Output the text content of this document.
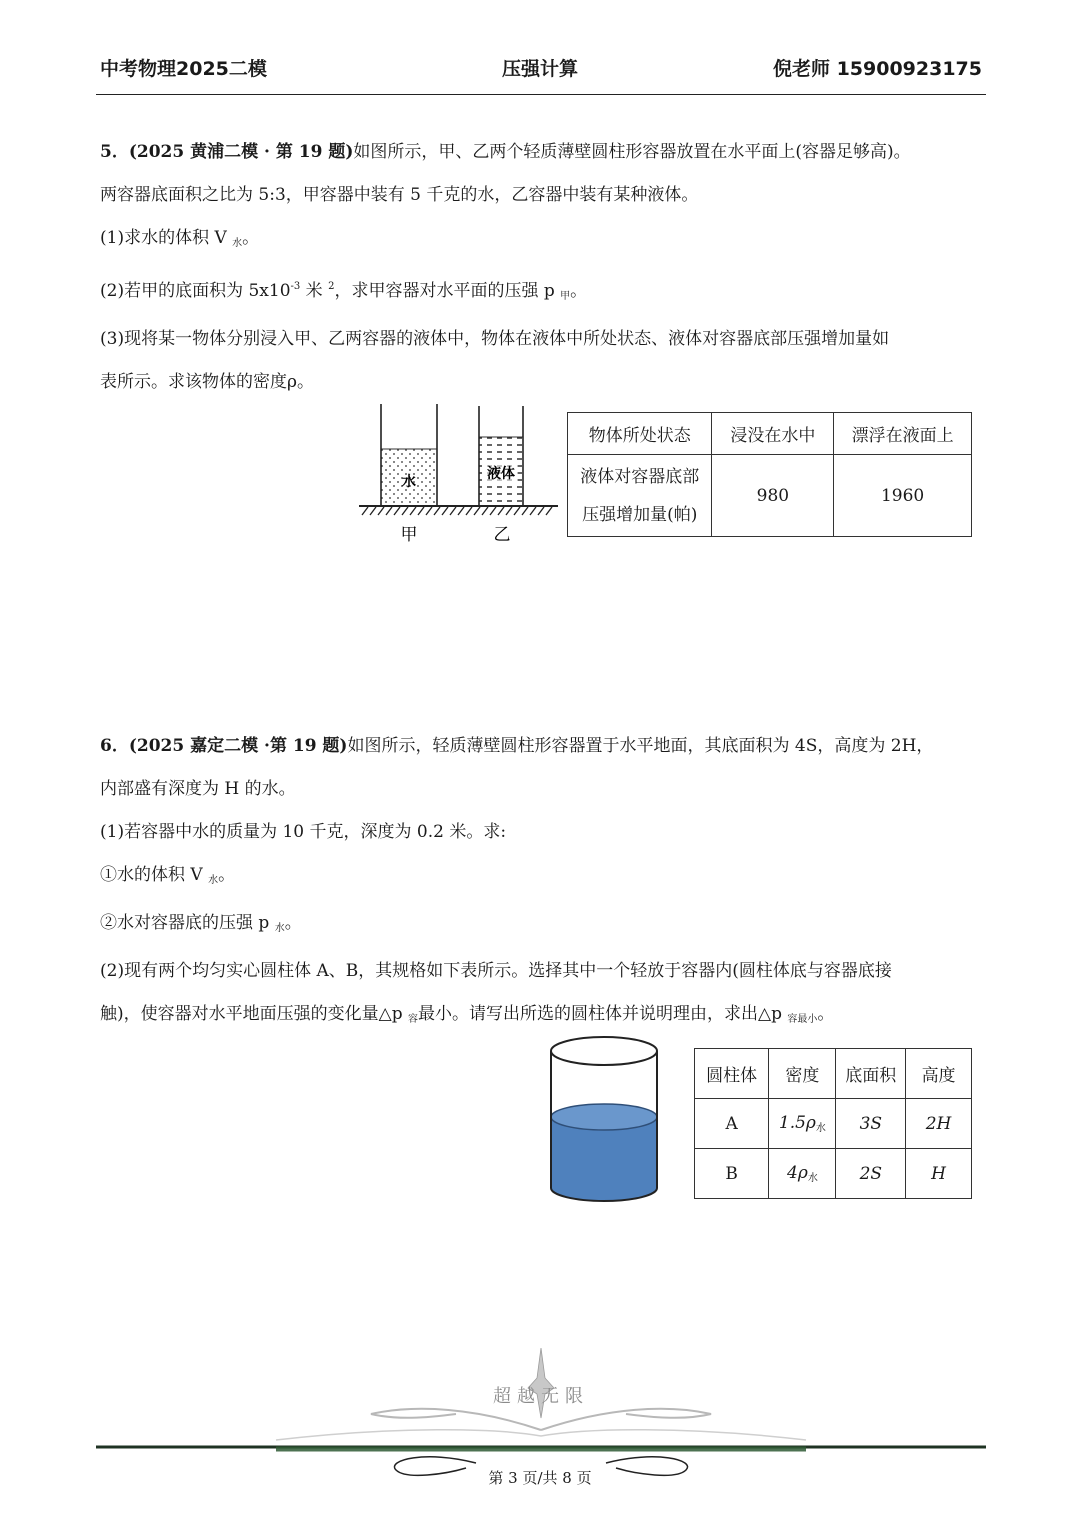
中考物理2025二模	压强计算	倪老师 15900923175
5．(2025 黄浦二模 · 第 19 题)如图所示，甲、乙两个轻质薄壁圆柱形容器放置在水平面上(容器足够高)。
两容器底面积之比为 5:3，甲容器中装有 5 千克的水，乙容器中装有某种液体。
(1)求水的体积 V $_水$。
(2)若甲的底面积为 $5x10^{-3}$ 米 $^2$，求甲容器对水平面的压强 p $_甲$。
(3)现将某一物体分别浸入甲、乙两容器的液体中，物体在液体中所处状态、液体对容器底部压强增加量如
表所示。求该物体的密度ρ。
水	液体
甲	乙
物体所处状态	浸没在水中	漂浮在液面上

液体对容器底部
压强增加量(帕)	980	1960
6．(2025 嘉定二模 ·第 19 题)如图所示，轻质薄壁圆柱形容器置于水平地面，其底面积为 4S，高度为 2H，
内部盛有深度为 H 的水。
(1)若容器中水的质量为 10 千克，深度为 0.2 米。求:
①水的体积 V $_水$。
②水对容器底的压强 p $_水$。
(2)现有两个均匀实心圆柱体 A、B，其规格如下表所示。选择其中一个轻放于容器内(圆柱体底与容器底接
触)，使容器对水平地面压强的变化量△p $_容$最小。请写出所选的圆柱体并说明理由，求出△p $_{容最小}$。
圆柱体	密度	底面积	高度
A	$1.5\rho_水$	3S	2H
B	$4\rho_水$	2S	H
超越无限
第 3 页/共 8 页
